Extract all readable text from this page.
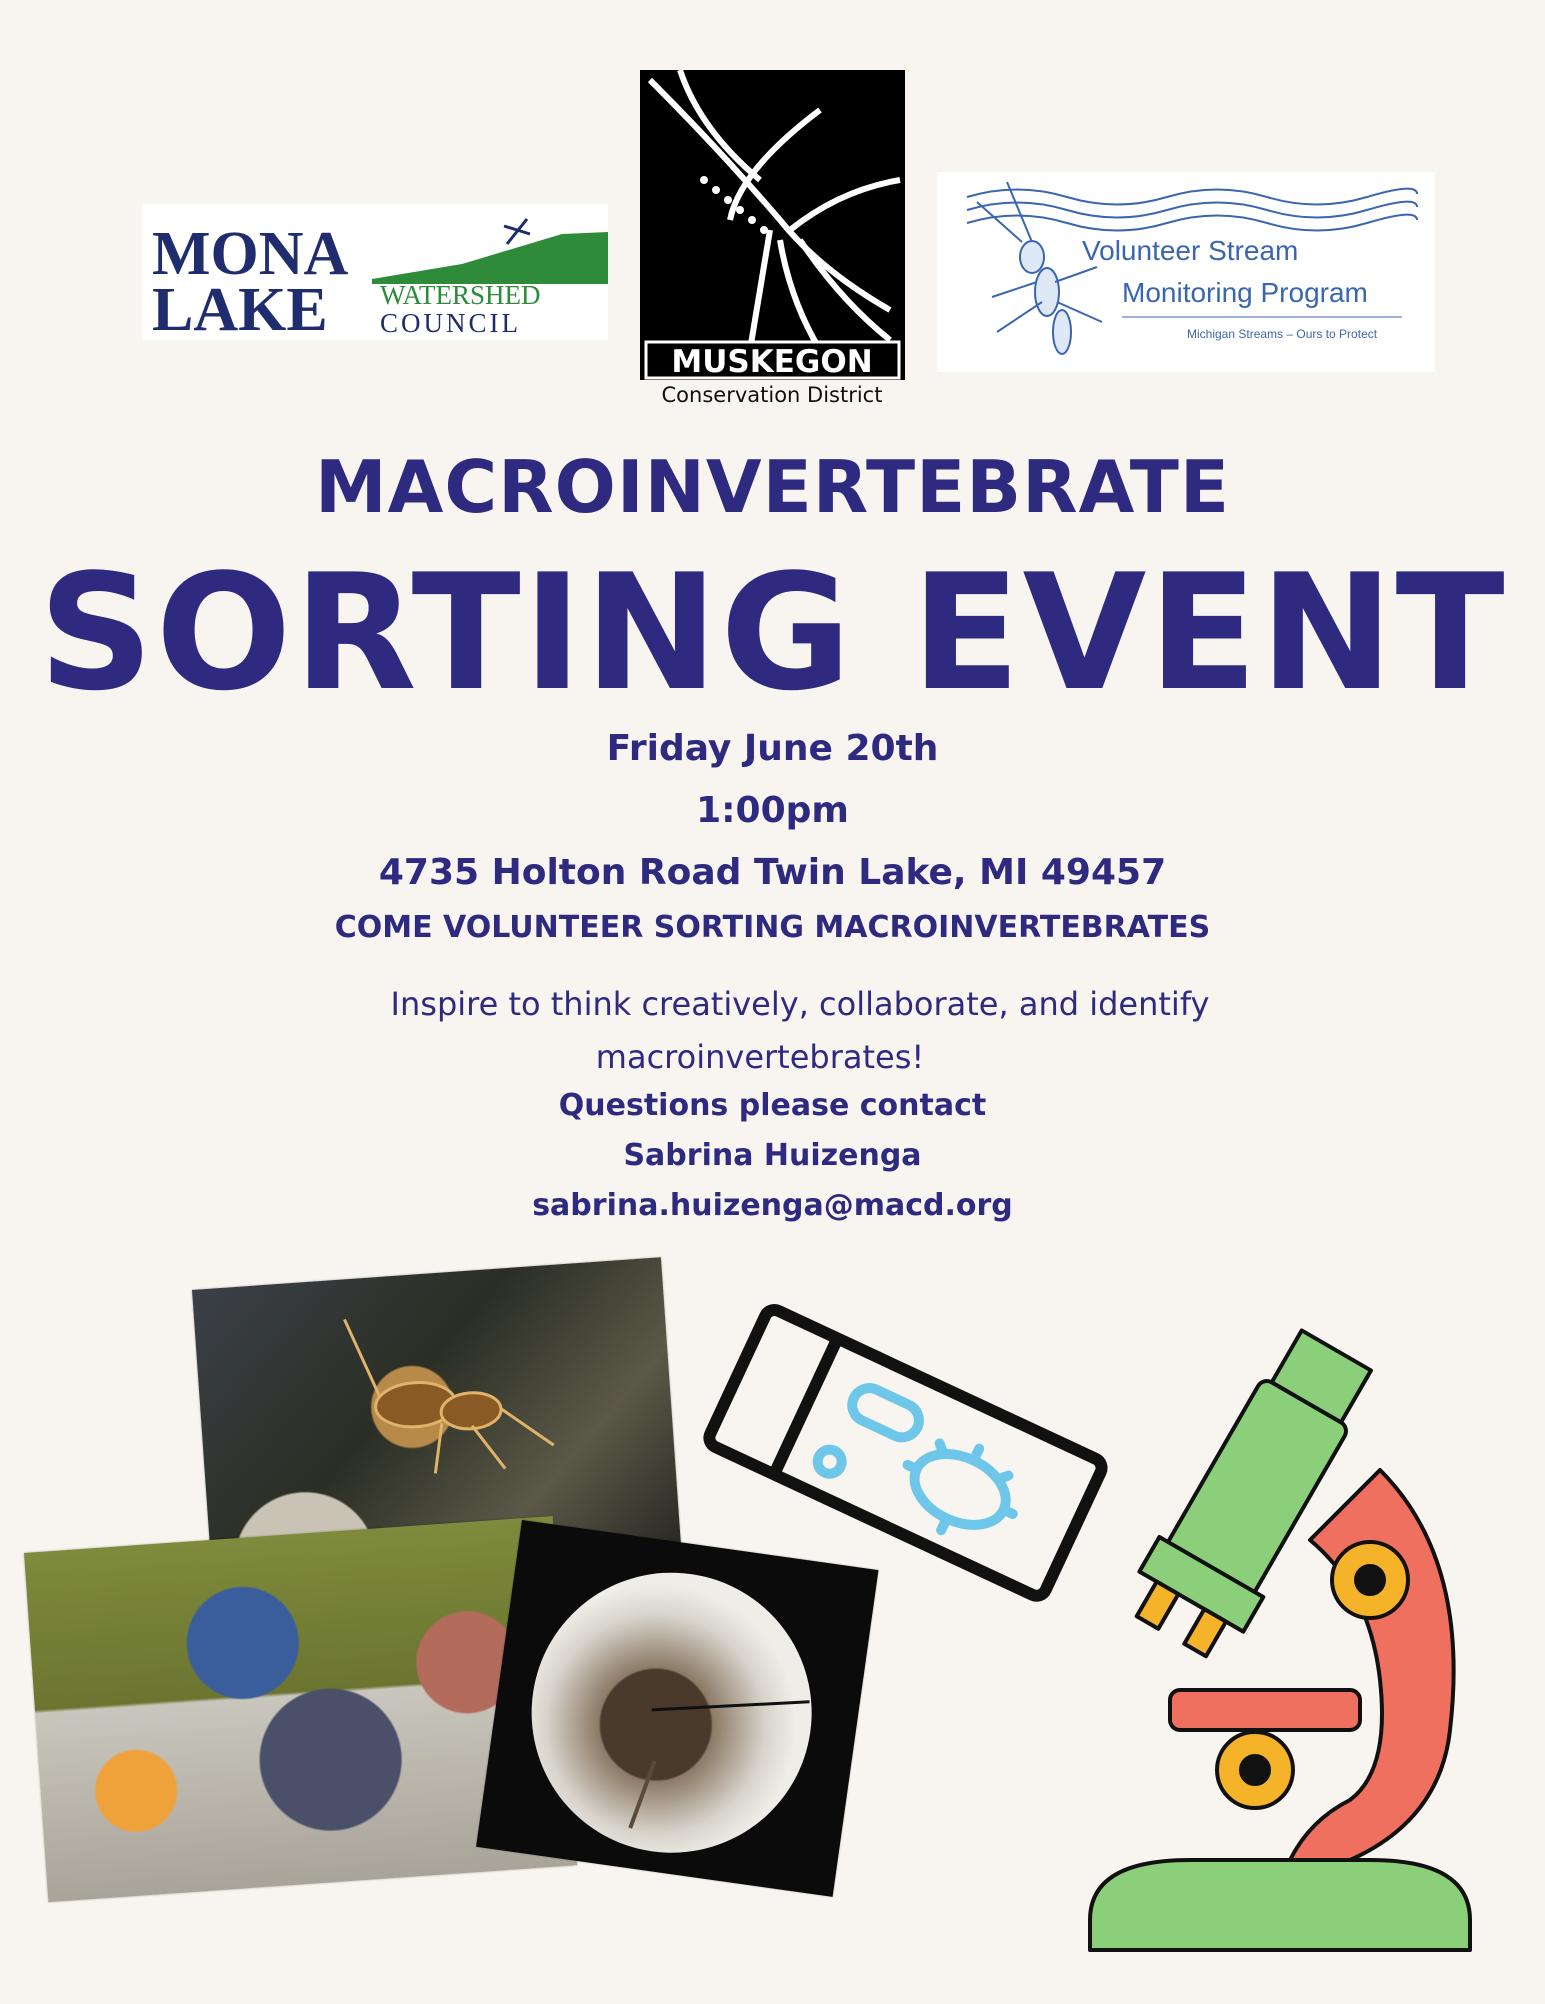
MONA
LAKE WATERSHED
COUNCIL
MUSKEGON
Conservation District
Volunteer Stream
Monitoring Program
Michigan Streams – Ours to Protect
MACROINVERTEBRATE
SORTING EVENT
Friday June 20th
1:00pm
4735 Holton Road Twin Lake, MI 49457
COME VOLUNTEER SORTING MACROINVERTEBRATES
Inspire to think creatively, collaborate, and identify
macroinvertebrates!
Questions please contact
Sabrina Huizenga
sabrina.huizenga@macd.org
